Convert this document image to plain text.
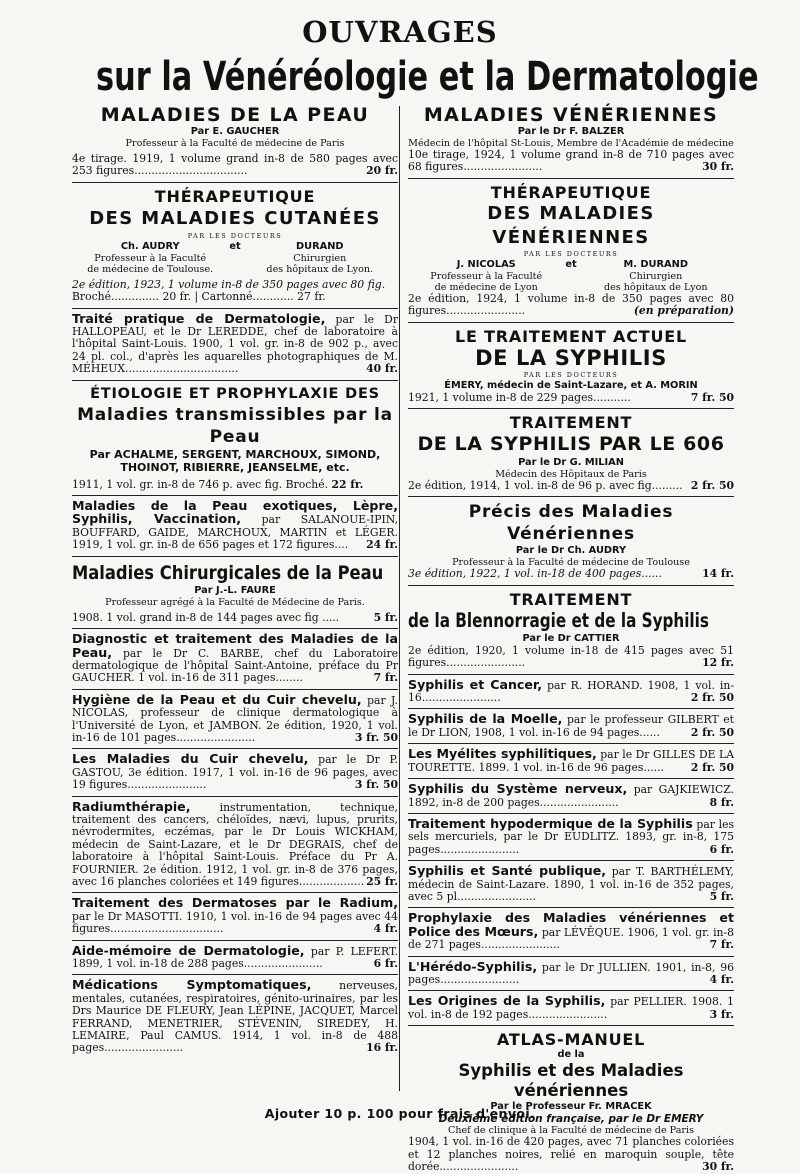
OUVRAGES
sur la Vénéréologie et la Dermatologie
MALADIES DE LA PEAU
Par E. GAUCHER
Professeur à la Faculté de médecine de Paris
4e tirage. 1919, 1 volume grand in-8 de 580 pages avec 253 figures.................................	20 fr.
THÉRAPEUTIQUE
DES MALADIES CUTANÉES
PAR LES DOCTEURS
Ch. AUDRY
Professeur à la Faculté
de médecine de Toulouse.
et	DURAND
Chirurgien
des hôpitaux de Lyon.
2e édition, 1923, 1 volume in-8 de 350 pages avec 80 fig.
Broché.............. 20 fr. | Cartonné............ 27 fr.
Traité pratique de Dermatologie, par le Dr HALLOPEAU, et le Dr LEREDDE, chef de laboratoire à l'hôpital Saint-Louis. 1900, 1 vol. gr. in-8 de 902 p., avec 24 pl. col., d'après les aquarelles photographiques de M. MÉHEUX.................................	40 fr.
ÉTIOLOGIE ET PROPHYLAXIE DES
Maladies transmissibles par la Peau
Par ACHALME, SERGENT, MARCHOUX, SIMOND, THOINOT, RIBIERRE, JEANSELME, etc.
1911, 1 vol. gr. in-8 de 746 p. avec fig. Broché. 22 fr.
Maladies de la Peau exotiques, Lèpre, Syphilis, Vaccination, par SALANOUE-IPIN, BOUFFARD, GAIDE, MARCHOUX, MARTIN et LÉGER. 1919, 1 vol. gr. in-8 de 656 pages et 172 figures.... 24 fr.
Maladies Chirurgicales de la Peau
Par J.-L. FAURE
Professeur agrégé à la Faculté de Médecine de Paris.
1908. 1 vol. grand in-8 de 144 pages avec fig .....	5 fr.
Diagnostic et traitement des Maladies de la Peau, par le Dr C. BARBE, chef du Laboratoire dermatologique de l'hôpital Saint-Antoine, préface du Pr GAUCHER. 1 vol. in-16 de 311 pages........	7 fr.
Hygiène de la Peau et du Cuir chevelu, par J. NICOLAS, professeur de clinique dermatologique à l'Université de Lyon, et JAMBON. 2e édition, 1920, 1 vol. in-16 de 101 pages.......................	3 fr. 50
Les Maladies du Cuir chevelu, par le Dr P. GASTOU, 3e édition. 1917, 1 vol. in-16 de 96 pages, avec 19 figures.......................	3 fr. 50
Radiumthérapie,	instrumentation, technique, traitement des cancers, chéloïdes, nævi, lupus, prurits, névrodermites, eczémas, par le Dr Louis WICKHAM, médecin de Saint-Lazare, et le Dr DEGRAIS, chef de laboratoire à l'hôpital Saint-Louis. Préface du Pr A. FOURNIER. 2e édition. 1912, 1 vol. gr. in-8 de 376 pages, avec 16 planches coloriées et 149 figures................... 25 fr.
Traitement des Dermatoses par le Radium, par le Dr MASOTTI. 1910, 1 vol. in-16 de 94 pages avec 44 figures.................................	4 fr.
Aide-mémoire de Dermatologie, par P. LEFERT. 1899, 1 vol. in-18 de 288 pages.......................	6 fr.
Médications Symptomatiques,	nerveuses, mentales, cutanées, respiratoires, génito-urinaires, par les Drs Maurice DE FLEURY, Jean LÉPINE, JACQUET, Marcel FERRAND, MENETRIER, STÉVENIN, SIREDEY, H. LEMAIRE, Paul CAMUS. 1914, 1 vol. in-8 de 488 pages.......................	16 fr.
MALADIES VÉNÉRIENNES
Par le Dr F. BALZER
Médecin de l'hôpital St-Louis, Membre de l'Académie de médecine
10e tirage, 1924, 1 volume grand in-8 de 710 pages avec 68 figures.......................	30 fr.
THÉRAPEUTIQUE
DES MALADIES VÉNÉRIENNES
PAR LES DOCTEURS
J. NICOLAS
Professeur à la Faculté
de médecine de Lyon
et	M. DURAND
Chirurgien
des hôpitaux de Lyon
2e édition, 1924, 1 volume in-8 de 350 pages avec 80 figures.......................	(en préparation)
LE TRAITEMENT ACTUEL
DE LA SYPHILIS
PAR LES DOCTEURS
ÉMERY, médecin de Saint-Lazare, et A. MORIN
1921, 1 volume in-8 de 229 pages...........	7 fr. 50
TRAITEMENT
DE LA SYPHILIS PAR LE 606
Par le Dr G. MILIAN
Médecin des Hôpitaux de Paris
2e édition, 1914, 1 vol. in-8 de 96 p. avec fig......... 2 fr. 50
Précis des Maladies Vénériennes
Par le Dr Ch. AUDRY
Professeur à la Faculté de médecine de Toulouse
3e édition, 1922, 1 vol. in-18 de 400 pages......	14 fr.
TRAITEMENT
de la Blennorragie et de la Syphilis
Par le Dr CATTIER
2e édition, 1920, 1 volume in-18 de 415 pages avec 51 figures.......................	12 fr.
Syphilis et Cancer, par R. HORAND. 1908, 1 vol. in-16.......................	2 fr. 50
Syphilis de la Moelle, par le professeur GILBERT et le Dr LION, 1908, 1 vol. in-16 de 94 pages......	2 fr. 50
Les Myélites syphilitiques, par le Dr GILLES DE LA TOURETTE. 1899. 1 vol. in-16 de 96 pages...... 2 fr. 50
Syphilis du Système nerveux, par GAJKIEWICZ. 1892, in-8 de 200 pages.......................	8 fr.
Traitement hypodermique de la Syphilis par les sels mercuriels, par le Dr EUDLITZ. 1893, gr. in-8, 175 pages.......................	6 fr.
Syphilis et Santé publique, par T. BARTHÉLEMY, médecin de Saint-Lazare. 1890, 1 vol. in-16 de 352 pages, avec 5 pl.......................	5 fr.
Prophylaxie des Maladies vénériennes et Police des Mœurs, par LÉVÊQUE. 1906, 1 vol. gr. in-8 de 271 pages.......................	7 fr.
L'Hérédo-Syphilis, par le Dr JULLIEN. 1901, in-8, 96 pages.......................	4 fr.
Les Origines de la Syphilis, par PELLIER. 1908. 1 vol. in-8 de 192 pages.......................	3 fr.
ATLAS-MANUEL
de la
Syphilis et des Maladies vénériennes
Par le Professeur Fr. MRACEK
Deuxième édition française, par le Dr EMERY
Chef de clinique à la Faculté de médecine de Paris
1904, 1 vol. in-16 de 420 pages, avec 71 planches coloriées et 12 planches noires, relié en maroquin souple, tête dorée.......................	30 fr.
Ajouter 10 p. 100 pour frais d'envoi.
